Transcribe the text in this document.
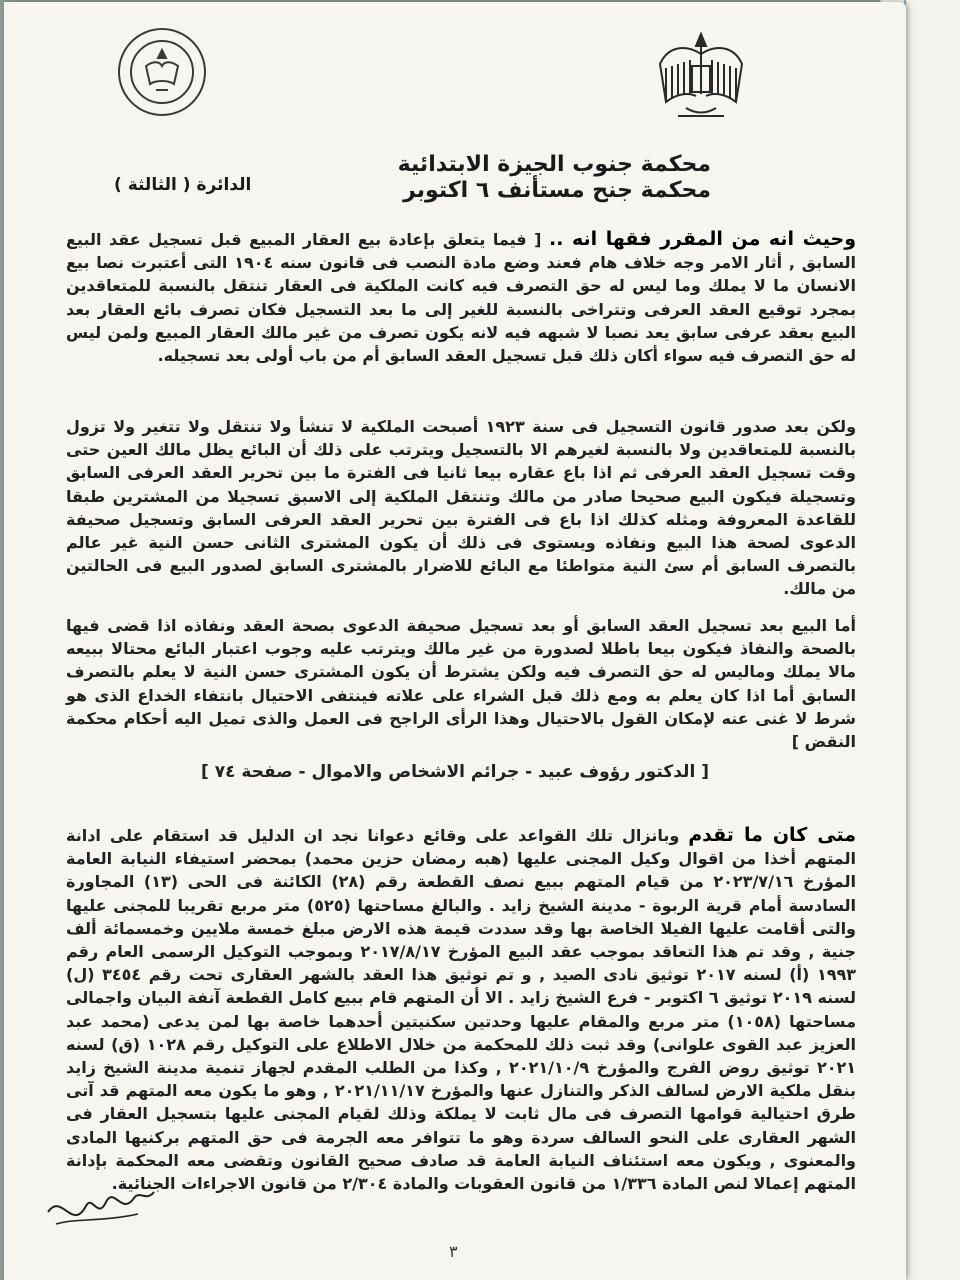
محكمة جنوب الجيزة الابتدائية
محكمة جنح مستأنف ٦ اكتوبر
الدائرة ( الثالثة )

وحيث انه من المقرر فقها انه .. [ فيما يتعلق بإعادة بيع العقار المبيع قبل تسجيل عقد البيع السابق , أثار الامر وجه خلاف هام فعند وضع مادة النصب فى قانون سنه ١٩٠٤ التى أعتبرت نصا بيع الانسان ما لا يملك وما ليس له حق التصرف فيه كانت الملكية فى العقار تنتقل بالنسبة للمتعاقدين بمجرد توقيع العقد العرفى وتتراخى بالنسبة للغير إلى ما بعد التسجيل فكان تصرف بائع العقار بعد البيع بعقد عرفى سابق يعد نصبا لا شبهه فيه لانه يكون تصرف من غير مالك العقار المبيع ولمن ليس له حق التصرف فيه سواء أكان ذلك قبل تسجيل العقد السابق أم من باب أولى بعد تسجيله.

ولكن بعد صدور قانون التسجيل فى سنة ١٩٢٣ أصبحت الملكية لا تنشأ ولا تنتقل ولا تتغير ولا تزول بالنسبة للمتعاقدين ولا بالنسبة لغيرهم الا بالتسجيل ويترتب على ذلك أن البائع يظل مالك العين حتى وقت تسجيل العقد العرفى ثم اذا باع عقاره بيعا ثانيا فى الفترة ما بين تحرير العقد العرفى السابق وتسجيلة فيكون البيع صحيحا صادر من مالك وتنتقل الملكية إلى الاسبق تسجيلا من المشترين طبقا للقاعدة المعروفة ومثله كذلك اذا باع فى الفترة بين تحرير العقد العرفى السابق وتسجيل صحيفة الدعوى لصحة هذا البيع ونفاذه ويستوى فى ذلك أن يكون المشترى الثانى حسن النية غير عالم بالتصرف السابق أم سئ النية متواطئا مع البائع للاضرار بالمشترى السابق لصدور البيع فى الحالتين من مالك.

أما البيع بعد تسجيل العقد السابق أو بعد تسجيل صحيفة الدعوى بصحة العقد ونفاذه اذا قضى فيها بالصحة والنفاذ فيكون بيعا باطلا لصدورة من غير مالك ويترتب عليه وجوب اعتبار البائع محتالا ببيعه مالا يملك وماليس له حق التصرف فيه ولكن يشترط أن يكون المشترى حسن النية لا يعلم بالتصرف السابق أما اذا كان يعلم به ومع ذلك قبل الشراء على علاته فينتفى الاحتيال بانتفاء الخداع الذى هو شرط لا غنى عنه لإمكان القول بالاحتيال وهذا الرأى الراجح فى العمل والذى تميل اليه أحكام محكمة النقض ]

[ الدكتور رؤوف عبيد - جرائم الاشخاص والاموال - صفحة ٧٤ ]

متى كان ما تقدم وبانزال تلك القواعد على وقائع دعوانا نجد ان الدليل قد استقام على ادانة المتهم أخذا من اقوال وكيل المجنى عليها (هبه رمضان حزين محمد) بمحضر استيفاء النيابة العامة المؤرخ ٢٠٢٣/٧/١٦ من قيام المتهم ببيع نصف القطعة رقم (٢٨) الكائنة فى الحى (١٣) المجاورة السادسة أمام قرية الربوة - مدينة الشيخ زايد . والبالغ مساحتها (٥٢٥) متر مربع تقريبا للمجنى عليها والتى أقامت عليها الفيلا الخاصة بها وقد سددت قيمة هذه الارض مبلغ خمسة ملايين وخمسمائة ألف جنية , وقد تم هذا التعاقد بموجب عقد البيع المؤرخ ٢٠١٧/٨/١٧ وبموجب التوكيل الرسمى العام رقم ١٩٩٣ (أ) لسنه ٢٠١٧ توثيق نادى الصيد , و تم توثيق هذا العقد بالشهر العقارى تحت رقم ٣٤٥٤ (ل) لسنه ٢٠١٩ توثيق ٦ اكتوبر - فرع الشيخ زايد . الا أن المتهم قام ببيع كامل القطعة آنفة البيان واجمالى مساحتها (١٠٥٨) متر مربع والمقام عليها وحدتين سكنيتين أحدهما خاصة بها لمن يدعى (محمد عبد العزيز عبد القوى علوانى) وقد ثبت ذلك للمحكمة من خلال الاطلاع على التوكيل رقم ١٠٢٨ (ق) لسنه ٢٠٢١ توثيق روض الفرج والمؤرخ ٢٠٢١/١٠/٩ , وكذا من الطلب المقدم لجهاز تنمية مدينة الشيخ زايد بنقل ملكية الارض لسالف الذكر والتنازل عنها والمؤرخ ٢٠٢١/١١/١٧ , وهو ما يكون معه المتهم قد آتى طرق احتيالية قوامها التصرف فى مال ثابت لا يملكة وذلك لقيام المجنى عليها بتسجيل العقار فى الشهر العقارى على النحو السالف سردة وهو ما تتوافر معه الجرمة فى حق المتهم بركنيها المادى والمعنوى , ويكون معه استئناف النيابة العامة قد صادف صحيح القانون وتقضى معه المحكمة بإدانة المتهم إعمالا لنص المادة ١/٣٣٦ من قانون العقوبات والمادة ٢/٣٠٤ من قانون الاجراءات الجنائية.

٣
